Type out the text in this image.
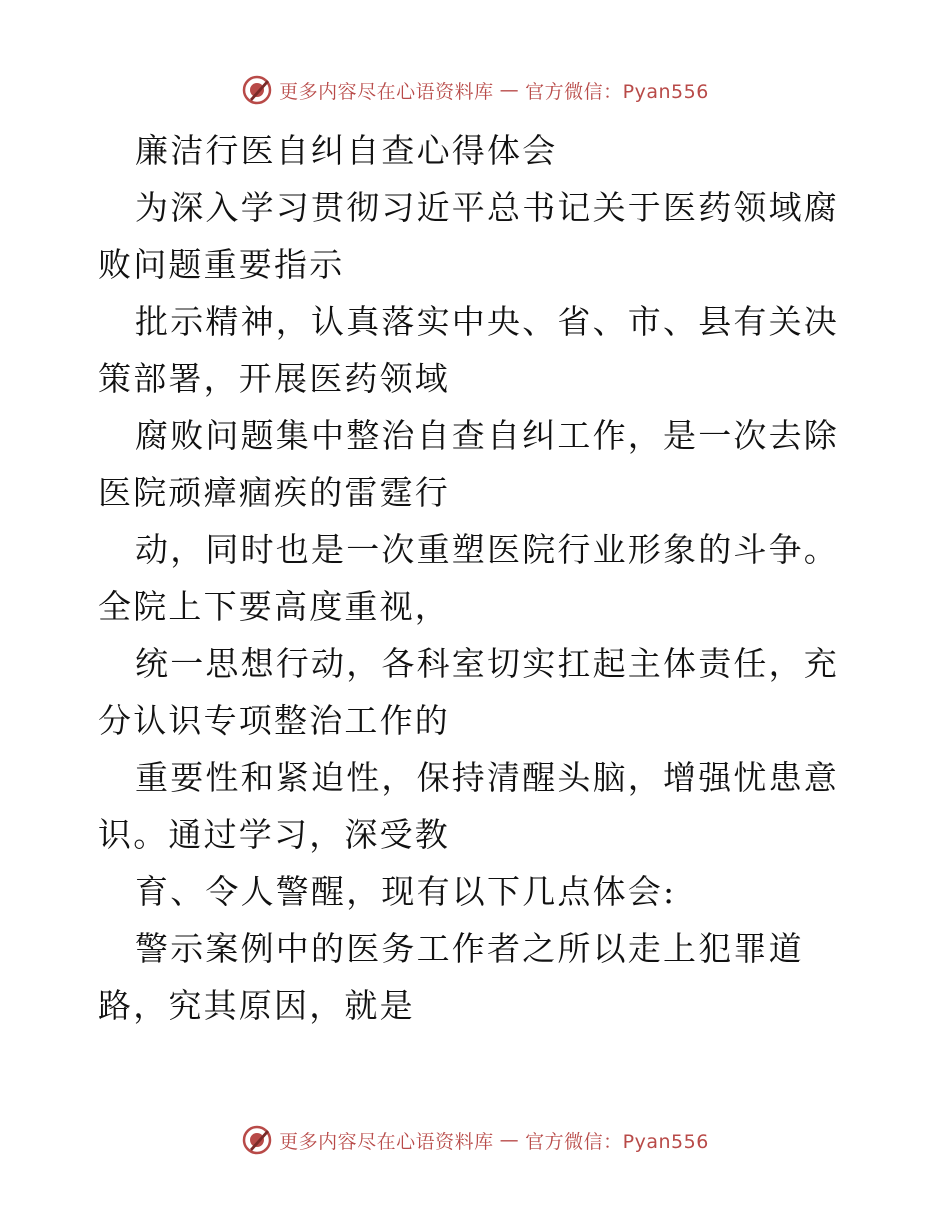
更多内容尽在心语资料库 — 官方微信：Pyan556

廉洁行医自纠自查心得体会

为深入学习贯彻习近平总书记关于医药领域腐败问题重要指示

批示精神，认真落实中央、省、市、县有关决策部署，开展医药领域

腐败问题集中整治自查自纠工作，是一次去除医院顽瘴痼疾的雷霆行

动，同时也是一次重塑医院行业形象的斗争。全院上下要高度重视，

统一思想行动，各科室切实扛起主体责任，充分认识专项整治工作的

重要性和紧迫性，保持清醒头脑，增强忧患意识。通过学习，深受教

育、令人警醒，现有以下几点体会:

警示案例中的医务工作者之所以走上犯罪道路，究其原因，就是

更多内容尽在心语资料库 — 官方微信：Pyan556
